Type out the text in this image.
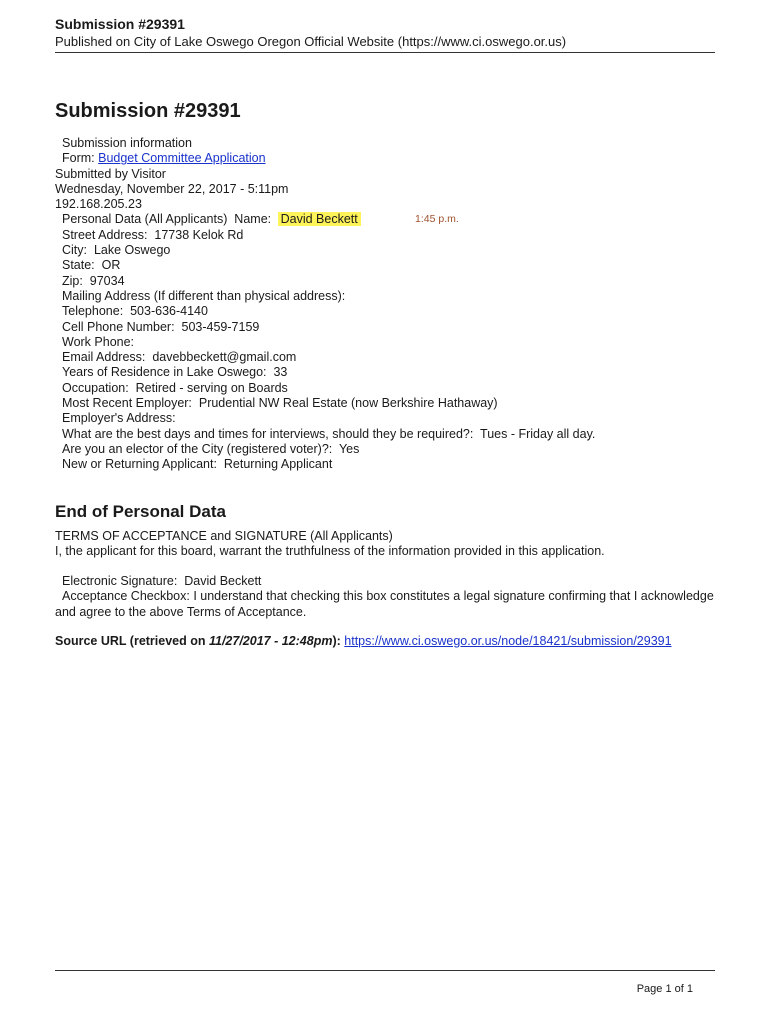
Submission #29391
Published on City of Lake Oswego Oregon Official Website (https://www.ci.oswego.or.us)
Submission #29391
Submission information
Form: Budget Committee Application
Submitted by Visitor
Wednesday, November 22, 2017 - 5:11pm
192.168.205.23
Personal Data (All Applicants)  Name: David Beckett	1:45 p.m.
Street Address:  17738 Kelok Rd
City:  Lake Oswego
State:  OR
Zip:  97034
Mailing Address (If different than physical address):
Telephone:  503-636-4140
Cell Phone Number:  503-459-7159
Work Phone:
Email Address:  davebbeckett@gmail.com
Years of Residence in Lake Oswego:  33
Occupation:  Retired - serving on Boards
Most Recent Employer:  Prudential NW Real Estate (now Berkshire Hathaway)
Employer's Address:
What are the best days and times for interviews, should they be required?:  Tues - Friday all day.
Are you an elector of the City (registered voter)?:  Yes
New or Returning Applicant:  Returning Applicant
End of Personal Data
TERMS OF ACCEPTANCE and SIGNATURE (All Applicants)
I, the applicant for this board, warrant the truthfulness of the information provided in this application.
Electronic Signature:  David Beckett
Acceptance Checkbox: I understand that checking this box constitutes a legal signature confirming that I acknowledge and agree to the above Terms of Acceptance.
Source URL (retrieved on 11/27/2017 - 12:48pm): https://www.ci.oswego.or.us/node/18421/submission/29391
Page 1 of 1
